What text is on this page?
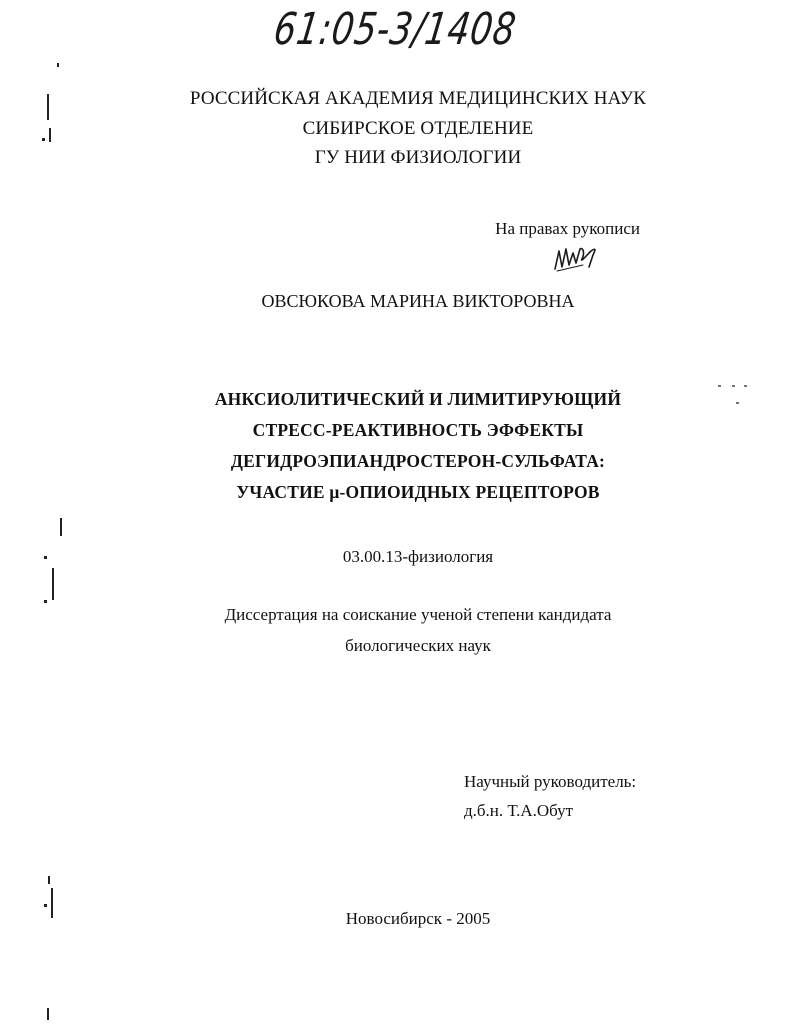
61:05-3/1408
РОССИЙСКАЯ АКАДЕМИЯ МЕДИЦИНСКИХ НАУК
СИБИРСКОЕ ОТДЕЛЕНИЕ
ГУ НИИ ФИЗИОЛОГИИ
На правах рукописи
ОВСЮКОВА МАРИНА ВИКТОРОВНА
АНКСИОЛИТИЧЕСКИЙ И ЛИМИТИРУЮЩИЙ
СТРЕСС-РЕАКТИВНОСТЬ ЭФФЕКТЫ
ДЕГИДРОЭПИАНДРОСТЕРОН-СУЛЬФАТА:
УЧАСТИЕ μ-ОПИОИДНЫХ РЕЦЕПТОРОВ
03.00.13-физиология
Диссертация на соискание ученой степени кандидата
биологических наук
Научный руководитель:
д.б.н. Т.А.Обут
Новосибирск - 2005
